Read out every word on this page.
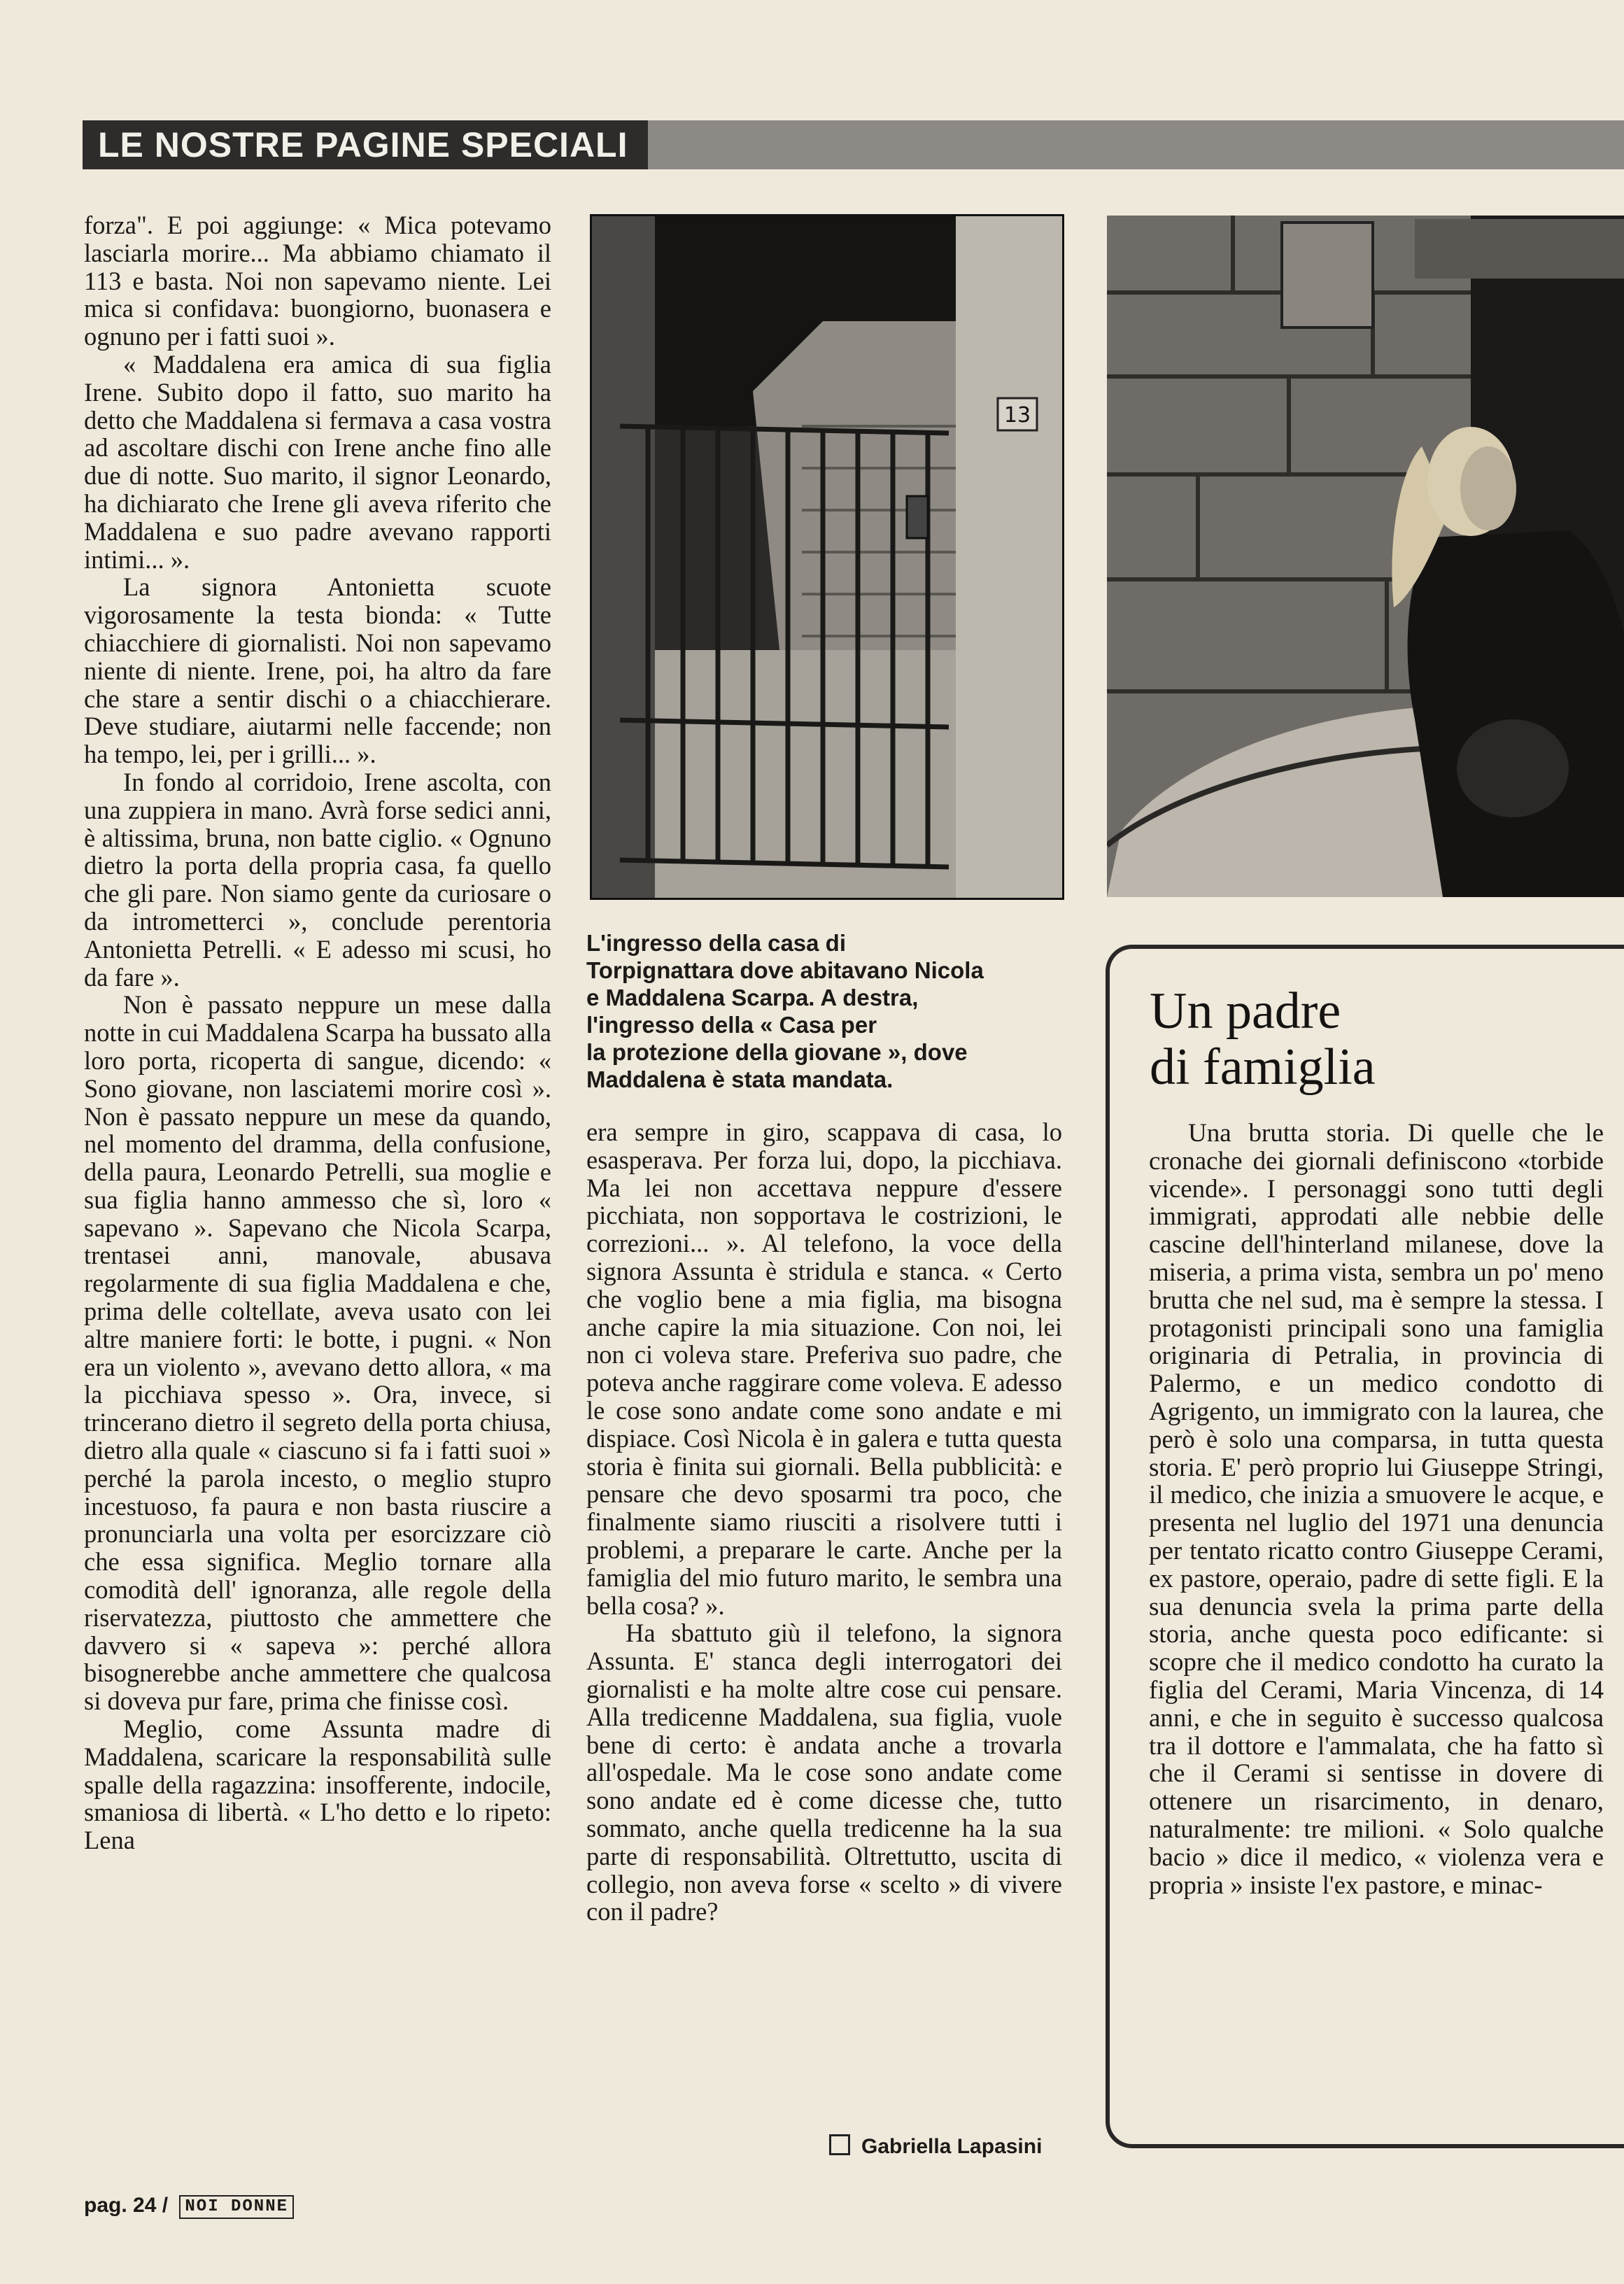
LE NOSTRE PAGINE SPECIALI

forza". E poi aggiunge: « Mica potevamo lasciarla morire... Ma abbiamo chiamato il 113 e basta. Noi non sapevamo niente. Lei mica si confidava: buongiorno, buonasera e ognuno per i fatti suoi ».

« Maddalena era amica di sua figlia Irene. Subito dopo il fatto, suo marito ha detto che Maddalena si fermava a casa vostra ad ascoltare dischi con Irene anche fino alle due di notte. Suo marito, il signor Leonardo, ha dichiarato che Irene gli aveva riferito che Maddalena e suo padre avevano rapporti intimi... ».

La signora Antonietta scuote vigorosamente la testa bionda: « Tutte chiacchiere di giornalisti. Noi non sapevamo niente di niente. Irene, poi, ha altro da fare che stare a sentir dischi o a chiacchierare. Deve studiare, aiutarmi nelle faccende; non ha tempo, lei, per i grilli... ».

In fondo al corridoio, Irene ascolta, con una zuppiera in mano. Avrà forse sedici anni, è altissima, bruna, non batte ciglio. « Ognuno dietro la porta della propria casa, fa quello che gli pare. Non siamo gente da curiosare o da intrometterci », conclude perentoria Antonietta Petrelli. « E adesso mi scusi, ho da fare ».

Non è passato neppure un mese dalla notte in cui Maddalena Scarpa ha bussato alla loro porta, ricoperta di sangue, dicendo: « Sono giovane, non lasciatemi morire così ». Non è passato neppure un mese da quando, nel momento del dramma, della confusione, della paura, Leonardo Petrelli, sua moglie e sua figlia hanno ammesso che sì, loro « sapevano ». Sapevano che Nicola Scarpa, trentasei anni, manovale, abusava regolarmente di sua figlia Maddalena e che, prima delle coltellate, aveva usato con lei altre maniere forti: le botte, i pugni. « Non era un violento », avevano detto allora, « ma la picchiava spesso ». Ora, invece, si trincerano dietro il segreto della porta chiusa, dietro alla quale « ciascuno si fa i fatti suoi » perché la parola incesto, o meglio stupro incestuoso, fa paura e non basta riuscire a pronunciarla una volta per esorcizzare ciò che essa significa. Meglio tornare alla comodità dell' ignoranza, alle regole della riservatezza, piuttosto che ammettere che davvero si « sapeva »: perché allora bisognerebbe anche ammettere che qualcosa si doveva pur fare, prima che finisse così.

Meglio, come Assunta madre di Maddalena, scaricare la responsabilità sulle spalle della ragazzina: insofferente, indocile, smaniosa di libertà. « L'ho detto e lo ripeto: Lena

13
L'ingresso della casa di
Torpignattara dove abitavano Nicola
e Maddalena Scarpa. A destra,
l'ingresso della « Casa per
la protezione della giovane », dove
Maddalena è stata mandata.

era sempre in giro, scappava di casa, lo esasperava. Per forza lui, dopo, la picchiava. Ma lei non accettava neppure d'essere picchiata, non sopportava le costrizioni, le correzioni... ». Al telefono, la voce della signora Assunta è stridula e stanca. « Certo che voglio bene a mia figlia, ma bisogna anche capire la mia situazione. Con noi, lei non ci voleva stare. Preferiva suo padre, che poteva anche raggirare come voleva. E adesso le cose sono andate come sono andate e mi dispiace. Così Nicola è in galera e tutta questa storia è finita sui giornali. Bella pubblicità: e pensare che devo sposarmi tra poco, che finalmente siamo riusciti a risolvere tutti i problemi, a preparare le carte. Anche per la famiglia del mio futuro marito, le sembra una bella cosa? ».

Ha sbattuto giù il telefono, la signora Assunta. E' stanca degli interrogatori dei giornalisti e ha molte altre cose cui pensare. Alla tredicenne Maddalena, sua figlia, vuole bene di certo: è andata anche a trovarla all'ospedale. Ma le cose sono andate come sono andate ed è come dicesse che, tutto sommato, anche quella tredicenne ha la sua parte di responsabilità. Oltrettutto, uscita di collegio, non aveva forse « scelto » di vivere con il padre?

Gabriella Lapasini
Un padre
di famiglia

Una brutta storia. Di quelle che le cronache dei giornali definiscono «torbide vicende». I personaggi sono tutti degli immigrati, approdati alle nebbie delle cascine dell'hinterland milanese, dove la miseria, a prima vista, sembra un po' meno brutta che nel sud, ma è sempre la stessa. I protagonisti principali sono una famiglia originaria di Petralia, in provincia di Palermo, e un medico condotto di Agrigento, un immigrato con la laurea, che però è solo una comparsa, in tutta questa storia. E' però proprio lui Giuseppe Stringi, il medico, che inizia a smuovere le acque, e presenta nel luglio del 1971 una denuncia per tentato ricatto contro Giuseppe Cerami, ex pastore, operaio, padre di sette figli. E la sua denuncia svela la prima parte della storia, anche questa poco edificante: si scopre che il medico condotto ha curato la figlia del Cerami, Maria Vincenza, di 14 anni, e che in seguito è successo qualcosa tra il dottore e l'ammalata, che ha fatto sì che il Cerami si sentisse in dovere di ottenere un risarcimento, in denaro, naturalmente: tre milioni. « Solo qualche bacio » dice il medico, « violenza vera e propria » insiste l'ex pastore, e minac-

pag. 24 / NOI DONNE
